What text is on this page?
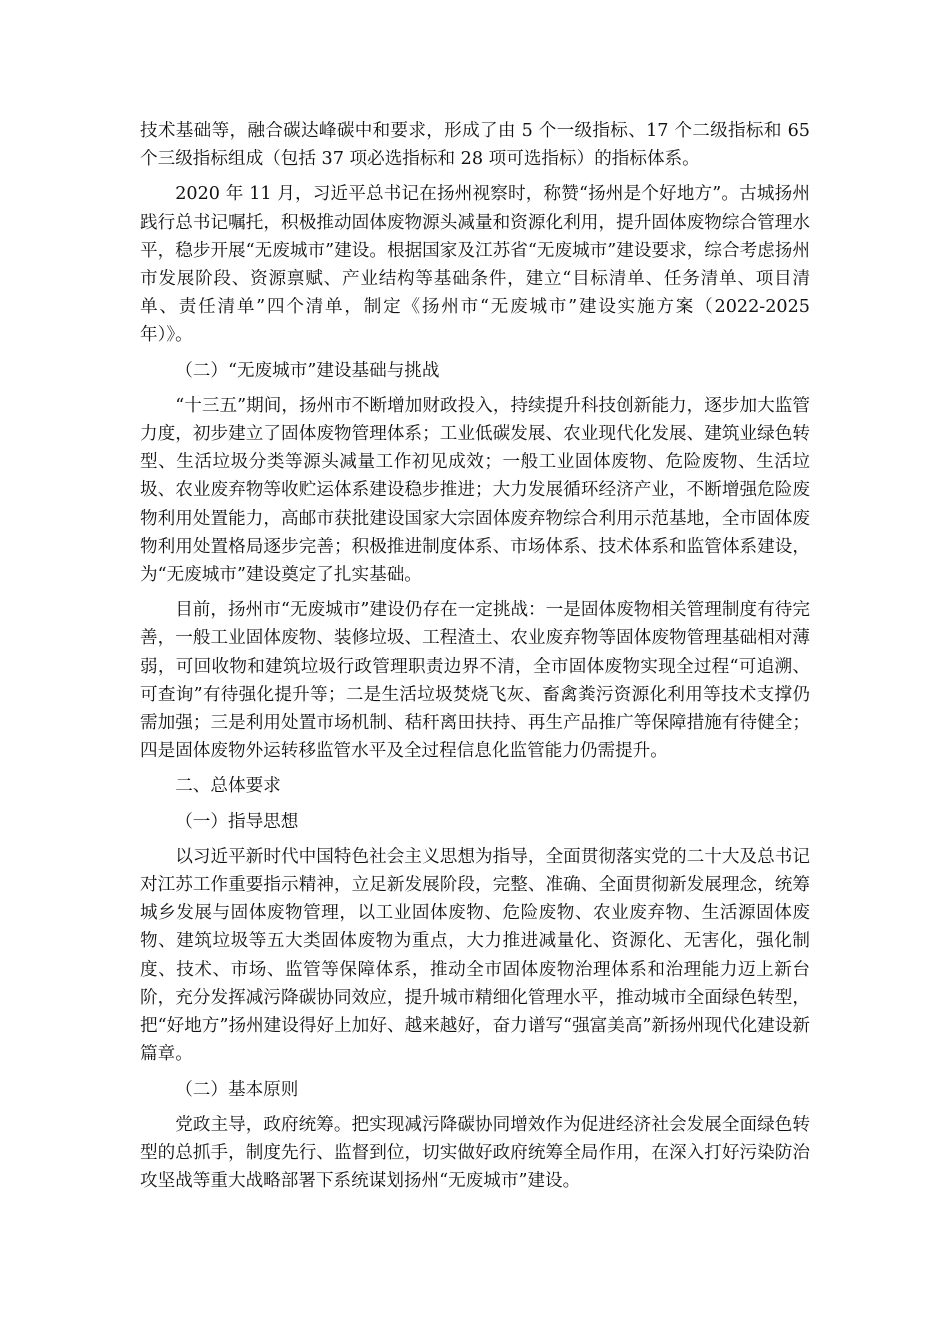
技术基础等，融合碳达峰碳中和要求，形成了由 5 个一级指标、17 个二级指标和 65 个三级指标组成（包括 37 项必选指标和 28 项可选指标）的指标体系。

2020 年 11 月，习近平总书记在扬州视察时，称赞“扬州是个好地方”。古城扬州践行总书记嘱托，积极推动固体废物源头减量和资源化利用，提升固体废物综合管理水平，稳步开展“无废城市”建设。根据国家及江苏省“无废城市”建设要求，综合考虑扬州市发展阶段、资源禀赋、产业结构等基础条件，建立“目标清单、任务清单、项目清单、责任清单”四个清单，制定《扬州市“无废城市”建设实施方案（2022-2025 年）》。

（二）“无废城市”建设基础与挑战

“十三五”期间，扬州市不断增加财政投入，持续提升科技创新能力，逐步加大监管力度，初步建立了固体废物管理体系；工业低碳发展、农业现代化发展、建筑业绿色转型、生活垃圾分类等源头减量工作初见成效；一般工业固体废物、危险废物、生活垃圾、农业废弃物等收贮运体系建设稳步推进；大力发展循环经济产业，不断增强危险废物利用处置能力，高邮市获批建设国家大宗固体废弃物综合利用示范基地，全市固体废物利用处置格局逐步完善；积极推进制度体系、市场体系、技术体系和监管体系建设，为“无废城市”建设奠定了扎实基础。

目前，扬州市“无废城市”建设仍存在一定挑战：一是固体废物相关管理制度有待完善，一般工业固体废物、装修垃圾、工程渣土、农业废弃物等固体废物管理基础相对薄弱，可回收物和建筑垃圾行政管理职责边界不清，全市固体废物实现全过程“可追溯、可查询”有待强化提升等；二是生活垃圾焚烧飞灰、畜禽粪污资源化利用等技术支撑仍需加强；三是利用处置市场机制、秸秆离田扶持、再生产品推广等保障措施有待健全；四是固体废物外运转移监管水平及全过程信息化监管能力仍需提升。

二、总体要求
（一）指导思想

以习近平新时代中国特色社会主义思想为指导，全面贯彻落实党的二十大及总书记对江苏工作重要指示精神，立足新发展阶段，完整、准确、全面贯彻新发展理念，统筹城乡发展与固体废物管理，以工业固体废物、危险废物、农业废弃物、生活源固体废物、建筑垃圾等五大类固体废物为重点，大力推进减量化、资源化、无害化，强化制度、技术、市场、监管等保障体系，推动全市固体废物治理体系和治理能力迈上新台阶，充分发挥减污降碳协同效应，提升城市精细化管理水平，推动城市全面绿色转型，把“好地方”扬州建设得好上加好、越来越好，奋力谱写“强富美高”新扬州现代化建设新篇章。

（二）基本原则

党政主导，政府统筹。把实现减污降碳协同增效作为促进经济社会发展全面绿色转型的总抓手，制度先行、监督到位，切实做好政府统筹全局作用，在深入打好污染防治攻坚战等重大战略部署下系统谋划扬州“无废城市”建设。
